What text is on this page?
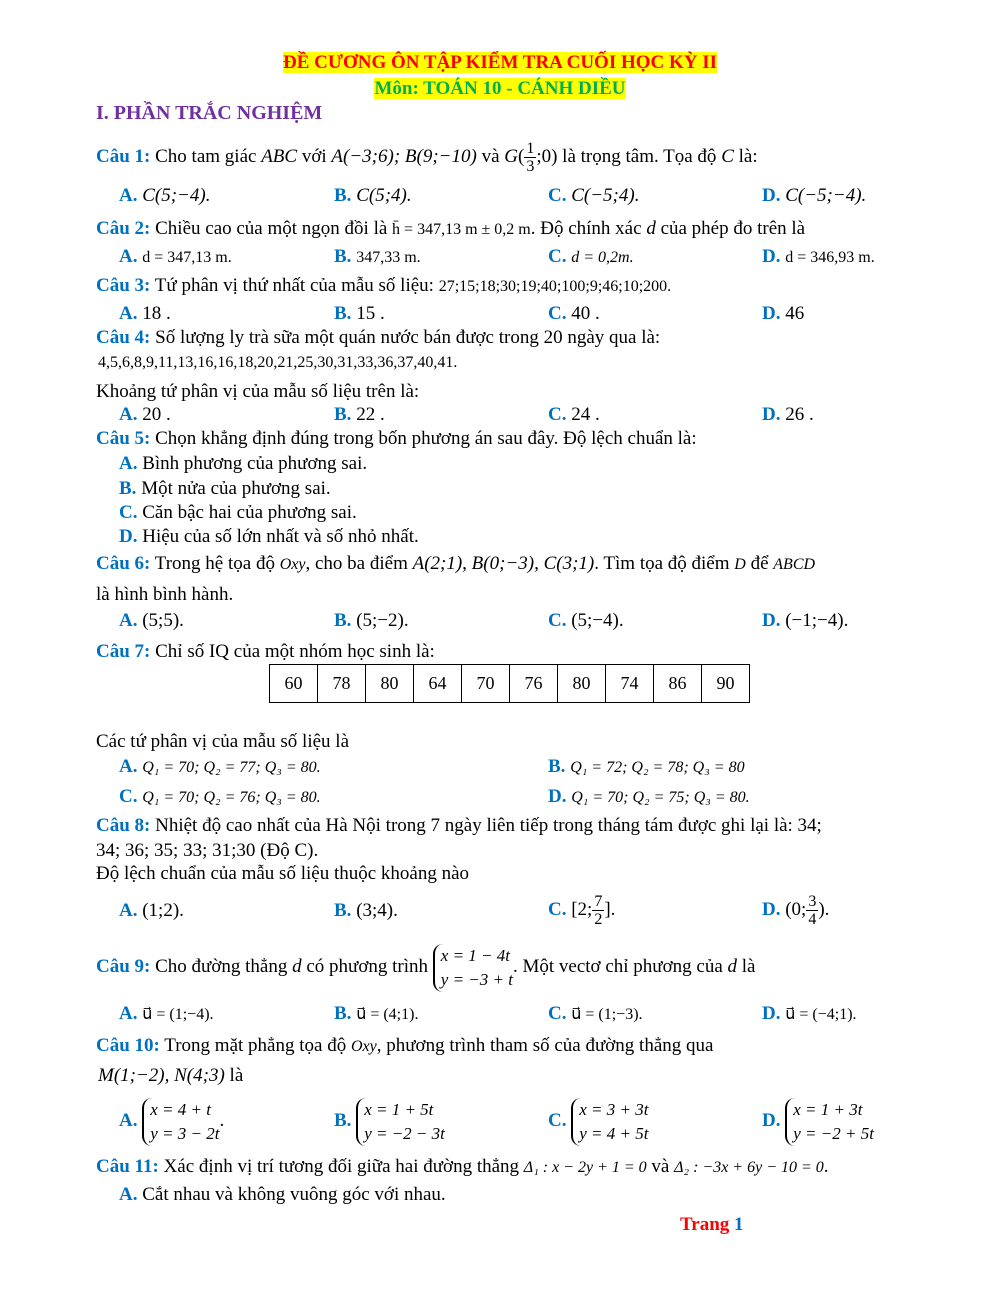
ĐỀ CƯƠNG ÔN TẬP KIỂM TRA CUỐI HỌC KỲ II
Môn: TOÁN 10 - CÁNH DIỀU
I. PHẦN TRẮC NGHIỆM
Câu 1: Cho tam giác ABC với A(−3;6); B(9;−10) và $G( \frac{1}{3}$ ;0) là trọng tâm. Tọa độ C là:
A. C(5;−4).	B. C(5;4).	C. C(−5;4).	D. C(−5;−4).
Câu 2: Chiều cao của một ngọn đồi là h̄ = 347,13 m ± 0,2 m. Độ chính xác d của phép đo trên là
A. d = 347,13 m.	B. 347,33 m.	C. d = 0,2m.	D. d = 346,93 m.
Câu 3: Tứ phân vị thứ nhất của mẫu số liệu: 27;15;18;30;19;40;100;9;46;10;200.
A. 18 .	B. 15 .	C. 40 .	D. 46
Câu 4: Số lượng ly trà sữa một quán nước bán được trong 20 ngày qua là:
4,5,6,8,9,11,13,16,16,18,20,21,25,30,31,33,36,37,40,41.
Khoảng tứ phân vị của mẫu số liệu trên là:
A. 20 .	B. 22 .	C. 24 .	D. 26 .
Câu 5: Chọn khẳng định đúng trong bốn phương án sau đây. Độ lệch chuẩn là:
A. Bình phương của phương sai.
B. Một nửa của phương sai.
C. Căn bậc hai của phương sai.
D. Hiệu của số lớn nhất và số nhỏ nhất.
Câu 6: Trong hệ tọa độ Oxy, cho ba điểm A(2;1), B(0;−3), C(3;1). Tìm tọa độ điểm D để ABCD
là hình bình hành.
A. (5;5).	B. (5;−2).	C. (5;−4).	D. (−1;−4).
Câu 7: Chỉ số IQ của một nhóm học sinh là:
60	78	80	64	70	76	80	74	86	90
Các tứ phân vị của mẫu số liệu là
A. Q₁ = 70; Q₂ = 77; Q₃ = 80.	B. Q₁ = 72; Q₂ = 78; Q₃ = 80
C. Q₁ = 70; Q₂ = 76; Q₃ = 80.	D. Q₁ = 70; Q₂ = 75; Q₃ = 80.
Câu 8: Nhiệt độ cao nhất của Hà Nội trong 7 ngày liên tiếp trong tháng tám được ghi lại là: 34;
34; 36; 35; 33; 31;30 (Độ C).
Độ lệch chuẩn của mẫu số liệu thuộc khoảng nào
A. (1;2).	B. (3;4).	C. [2; $\frac{7}{2}$ ].	D. (0; $\frac{3}{4}$ ).
Câu 9: Cho đường thẳng d có phương trình
x = 1 − 4t
y = −3 + t
. Một vectơ chỉ phương của d là
A. u⃗ = (1;−4).	B. u⃗ = (4;1).	C. u⃗ = (1;−3).	D. u⃗ = (−4;1).
Câu 10: Trong mặt phẳng tọa độ Oxy, phương trình tham số của đường thẳng qua
M(1;−2), N(4;3) là
A.
x = 4 + t
y = 3 − 2t
.	B.
x = 1 + 5t
y = −2 − 3t
C.
x = 3 + 3t
y = 4 + 5t
D.
x = 1 + 3t
y = −2 + 5t
Câu 11: Xác định vị trí tương đối giữa hai đường thẳng Δ₁ : x − 2y + 1 = 0 và Δ₂ : −3x + 6y − 10 = 0.
A. Cắt nhau và không vuông góc với nhau.
Trang 1
